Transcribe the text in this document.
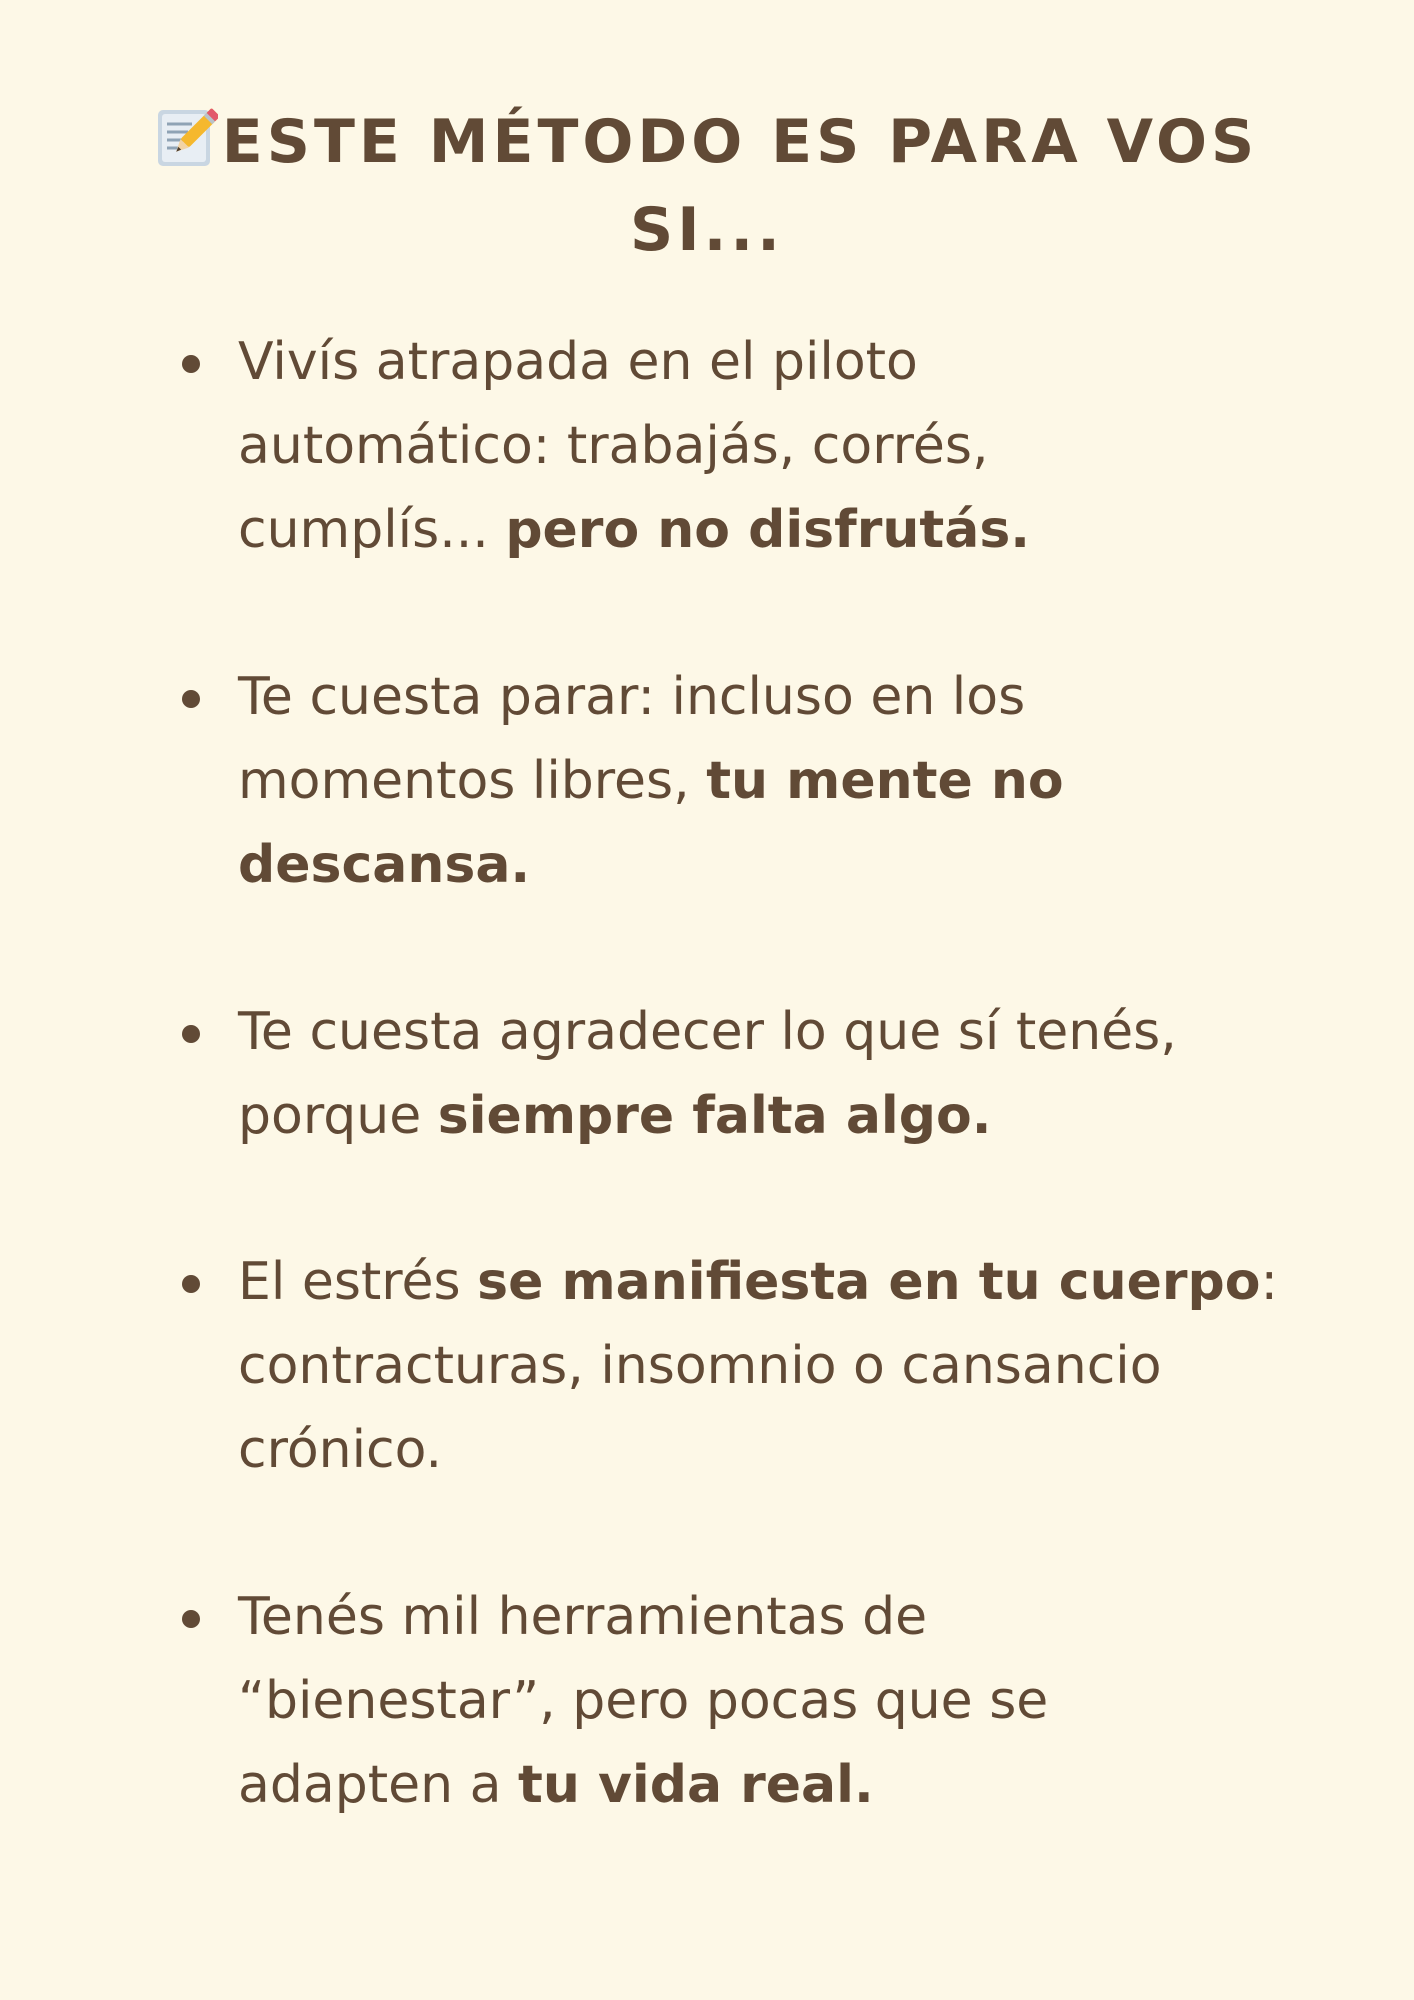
ESTE MÉTODO ES PARA VOS
SI...
Vivís atrapada en el piloto
automático: trabajás, corrés,
cumplís... pero no disfrutás.
Te cuesta parar: incluso en los
momentos libres, tu mente no
descansa.
Te cuesta agradecer lo que sí tenés,
porque siempre falta algo.
El estrés se manifiesta en tu cuerpo:
contracturas, insomnio o cansancio
crónico.
Tenés mil herramientas de
“bienestar”, pero pocas que se
adapten a tu vida real.
